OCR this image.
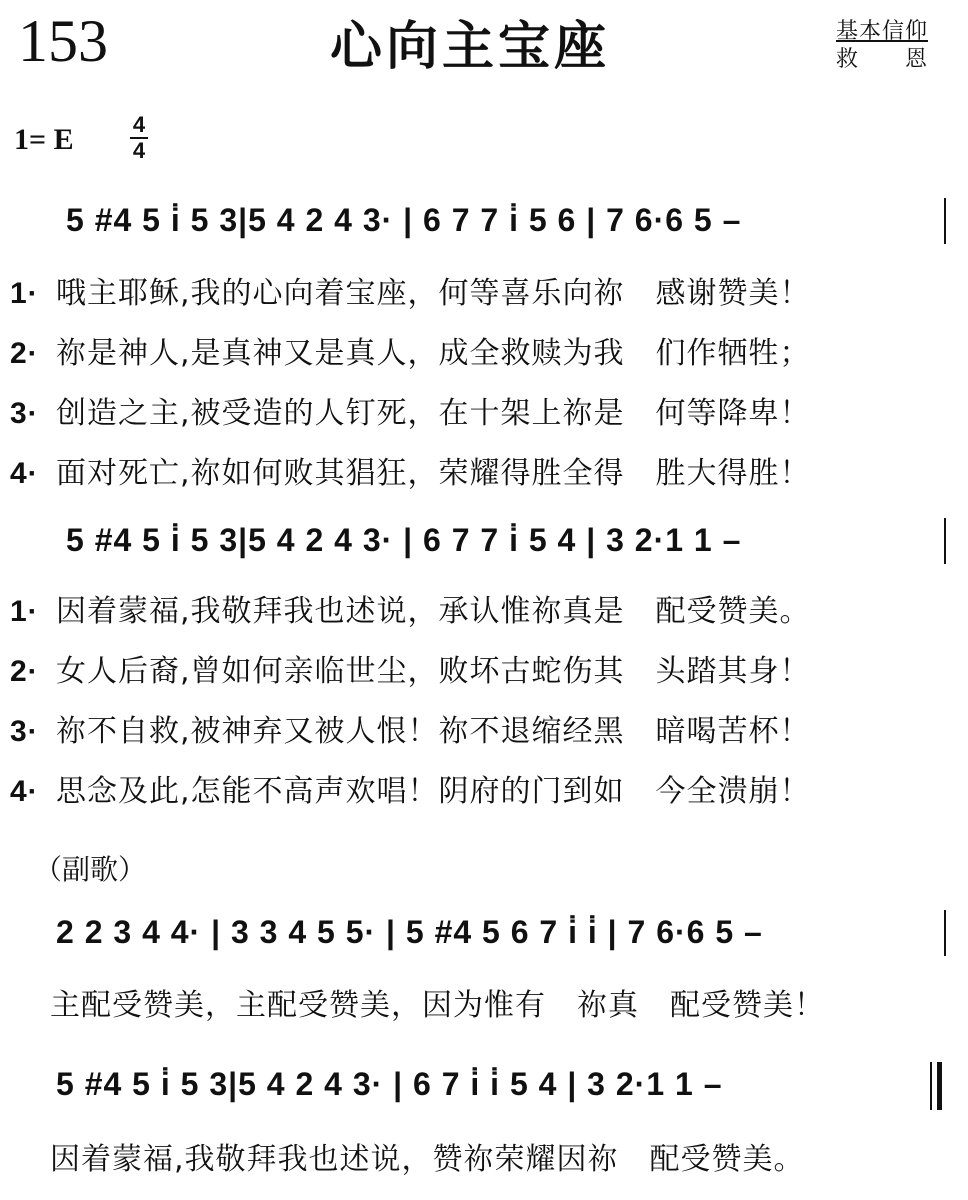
153	心向主宝座	基本信仰
救　　恩
1= E	4
4
5 #4 5 i̇ 5 3|5 4 2 4 3· | 6 7 7 i̇ 5 6 | 7 6·6 5 –
1· 哦主耶稣,我的心向着宝座，何等喜乐向祢　感谢赞美！
2· 祢是神人,是真神又是真人，成全救赎为我　们作牺牲；
3· 创造之主,被受造的人钉死，在十架上祢是　何等降卑！
4· 面对死亡,祢如何败其猖狂，荣耀得胜全得　胜大得胜！
5 #4 5 i̇ 5 3|5 4 2 4 3· | 6 7 7 i̇ 5 4 | 3 2·1 1 –
1· 因着蒙福,我敬拜我也述说，承认惟祢真是　配受赞美。
2· 女人后裔,曾如何亲临世尘，败坏古蛇伤其　头踏其身！
3· 祢不自救,被神弃又被人恨！祢不退缩经黑　暗喝苦杯！
4· 思念及此,怎能不高声欢唱！阴府的门到如　今全溃崩！
（副歌）
2 2 3 4 4· | 3 3 4 5 5· | 5 #4 5 6 7 i̇ i̇ | 7 6·6 5 –
主配受赞美，主配受赞美，因为惟有　祢真　配受赞美！
5 #4 5 i̇ 5 3|5 4 2 4 3· | 6 7 i̇ i̇ 5 4 | 3 2·1 1 –
因着蒙福,我敬拜我也述说，赞祢荣耀因祢　配受赞美。
